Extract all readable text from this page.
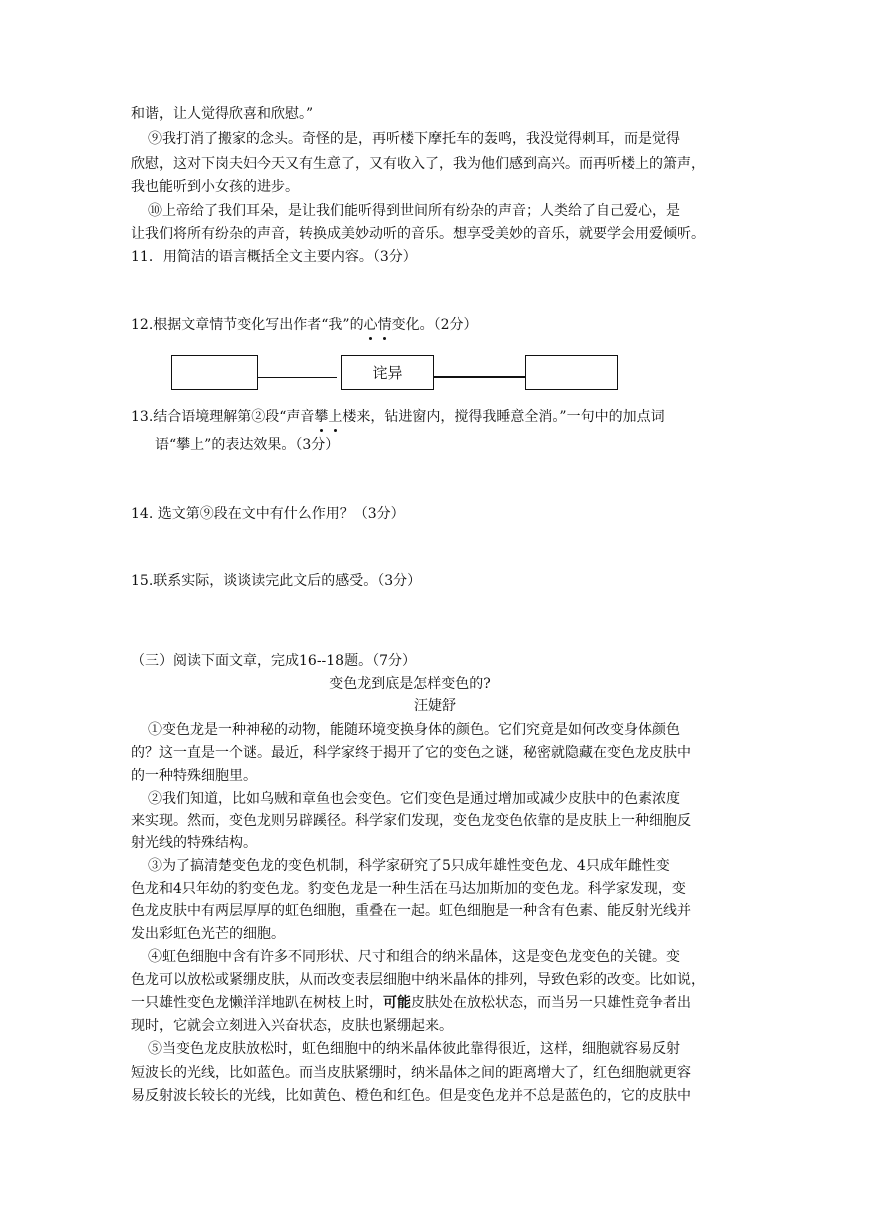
和谐，让人觉得欣喜和欣慰。”
⑨我打消了搬家的念头。奇怪的是，再听楼下摩托车的轰鸣，我没觉得刺耳，而是觉得
欣慰，这对下岗夫妇今天又有生意了，又有收入了，我为他们感到高兴。而再听楼上的箫声，
我也能听到小女孩的进步。
⑩上帝给了我们耳朵，是让我们能听得到世间所有纷杂的声音；人类给了自己爱心，是
让我们将所有纷杂的声音，转换成美妙动听的音乐。想享受美妙的音乐，就要学会用爱倾听。
11．用简洁的语言概括全文主要内容。（3分）
12.根据文章情节变化写出作者“我”的心情变化。（2分）
诧异
13.结合语境理解第②段“声音攀上楼来，钻进窗内，搅得我睡意全消。”一句中的加点词
语“攀上”的表达效果。（3分）
14. 选文第⑨段在文中有什么作用？（3分）
15.联系实际，谈谈读完此文后的感受。（3分）
（三）阅读下面文章，完成16--18题。（7分）
变色龙到底是怎样变色的?
汪婕舒
①变色龙是一种神秘的动物，能随环境变换身体的颜色。它们究竟是如何改变身体颜色
的？这一直是一个谜。最近，科学家终于揭开了它的变色之谜，秘密就隐藏在变色龙皮肤中
的一种特殊细胞里。
②我们知道，比如乌贼和章鱼也会变色。它们变色是通过增加或减少皮肤中的色素浓度
来实现。然而，变色龙则另辟蹊径。科学家们发现，变色龙变色依靠的是皮肤上一种细胞反
射光线的特殊结构。
③为了搞清楚变色龙的变色机制，科学家研究了5只成年雄性变色龙、4只成年雌性变
色龙和4只年幼的豹变色龙。豹变色龙是一种生活在马达加斯加的变色龙。科学家发现，变
色龙皮肤中有两层厚厚的虹色细胞，重叠在一起。虹色细胞是一种含有色素、能反射光线并
发出彩虹色光芒的细胞。
④虹色细胞中含有许多不同形状、尺寸和组合的纳米晶体，这是变色龙变色的关键。变
色龙可以放松或紧绷皮肤，从而改变表层细胞中纳米晶体的排列，导致色彩的改变。比如说，
一只雄性变色龙懒洋洋地趴在树枝上时，可能皮肤处在放松状态，而当另一只雄性竞争者出
现时，它就会立刻进入兴奋状态，皮肤也紧绷起来。
⑤当变色龙皮肤放松时，虹色细胞中的纳米晶体彼此靠得很近，这样，细胞就容易反射
短波长的光线，比如蓝色。而当皮肤紧绷时，纳米晶体之间的距离增大了，红色细胞就更容
易反射波长较长的光线，比如黄色、橙色和红色。但是变色龙并不总是蓝色的，它的皮肤中
